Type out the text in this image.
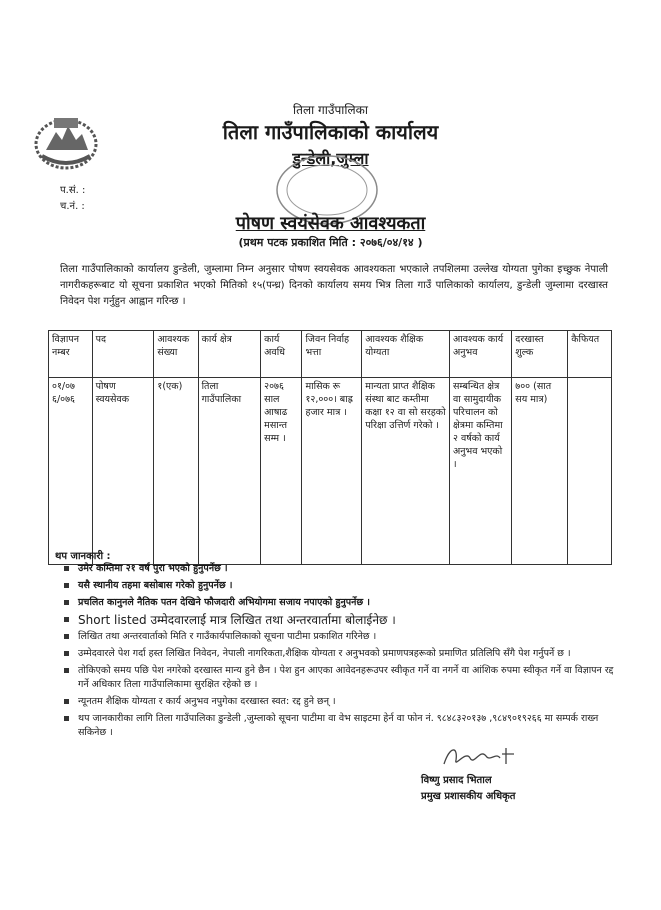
तिला गाउँपालिका
तिला गाउँपालिकाको कार्यालय
डुन्डेली,जुम्ला
प.सं. :
च.नं. :
पोषण स्वयंसेवक आवश्यकता
(प्रथम पटक प्रकाशित मिति : २०७६/०४/१४ )
तिला गाउँपालिकाको कार्यालय डुन्डेली, जुम्लामा निम्न अनुसार पोषण स्वयसेवक आवश्यकता भएकाले तपशिलमा उल्लेख योग्यता पुगेका इच्छुक नेपाली नागरीकहरूबाट यो सूचना प्रकाशित भएको मितिको १५(पन्ध्र) दिनको कार्यालय समय भित्र तिला गाउँ पालिकाको कार्यालय, डुन्डेली जुम्लामा दरखास्त निवेदन पेश गर्नुहुन आह्वान गरिन्छ ।
विज्ञापन नम्बर	पद	आवश्यक संख्या	कार्य क्षेत्र	कार्य अवधि	जिवन निर्वाह भत्ता	आवश्यक शैक्षिक योग्यता	आवश्यक कार्य अनुभव	दरखास्त शुल्क	कैफियत
०१/०७ ६/०७६	पोषण स्वयसेवक	१(एक)	तिला गाउँपालिका	२०७६ साल आषाढ मसान्त सम्म ।	मासिक रू १२,०००। बाह्र हजार मात्र ।	मान्यता प्राप्त शैक्षिक संस्था बाट कम्तीमा कक्षा १२ वा सो सरहको परिक्षा उत्तिर्ण गरेको ।	सम्बन्धित क्षेत्र वा सामुदायीक परिचालन को क्षेत्रमा कम्तिमा २ वर्षको कार्य अनुभव भएको ।	७०० (सात सय मात्र)	
थप जानकारी :
उमेर कम्तिमा २१ वर्ष पुरा भएको हुनुपर्नेछ ।
यसै स्थानीय तहमा बसोबास गरेको हुनुपर्नेछ ।
प्रचलित कानुनले नैतिक पतन देखिने फौजदारी अभियोगमा सजाय नपाएको हुनुपर्नेछ ।
Short listed उम्मेदवारलाई मात्र लिखित तथा अन्तरवार्तामा बोलाईनेछ ।
लिखित तथा अन्तरवार्ताको मिति र गाउँकार्यपालिकाको सूचना पाटीमा प्रकाशित गरिनेछ ।
उम्मेदवारले पेश गर्दा हस्त लिखित निवेदन, नेपाली नागरिकता,शैक्षिक योग्यता र अनुभवको प्रमाणपत्रहरूको प्रमाणित प्रतिलिपि सँगै पेश गर्नुपर्ने छ ।
तोकिएको समय पछि पेश नगरेको दरखास्त मान्य हुने छैन । पेश हुन आएका आवेदनहरूउपर स्वीकृत गर्ने वा नगर्ने वा आंशिक रुपमा स्वीकृत गर्ने वा विज्ञापन रद्द गर्ने अधिकार तिला गाउँपालिकामा सुरक्षित रहेको छ ।
न्यूनतम शैक्षिक योग्यता र कार्य अनुभव नपुगेका दरखास्त स्वत: रद्द हुने छन् ।
थप जानकारीका लागि तिला गाउँपालिका डुन्डेली ,जुम्लाको सूचना पाटीमा वा वेभ साइटमा हेर्न वा फोन नं. ९८४८३२०१३७ ,९८४९०१९२६६ मा सम्पर्क राख्न सकिनेछ ।
विष्णु प्रसाद भिताल
प्रमुख प्रशासकीय अधिकृत
